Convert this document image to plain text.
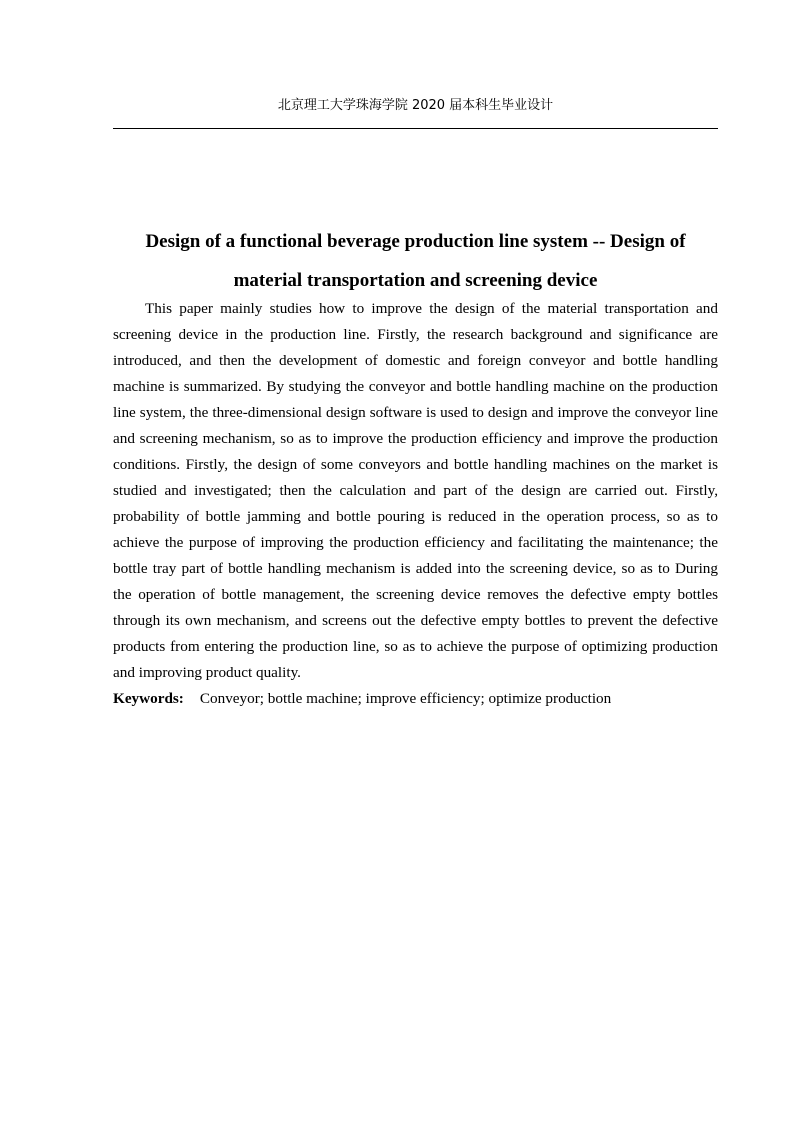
北京理工大学珠海学院 2020 届本科生毕业设计
Design of a functional beverage production line system -- Design of
material transportation and screening device

This paper mainly studies how to improve the design of the material transportation and screening device in the production line. Firstly, the research background and significance are introduced, and then the development of domestic and foreign conveyor and bottle handling machine is summarized. By studying the conveyor and bottle handling machine on the production line system, the three-dimensional design software is used to design and improve the conveyor line and screening mechanism, so as to improve the production efficiency and improve the production conditions. Firstly, the design of some conveyors and bottle handling machines on the market is studied and investigated; then the calculation and part of the design are carried out. Firstly, probability of bottle jamming and bottle pouring is reduced in the operation process, so as to achieve the purpose of improving the production efficiency and facilitating the maintenance; the bottle tray part of bottle handling mechanism is added into the screening device, so as to During the operation of bottle management, the screening device removes the defective empty bottles through its own mechanism, and screens out the defective empty bottles to prevent the defective products from entering the production line, so as to achieve the purpose of optimizing production and improving product quality.

Keywords: Conveyor; bottle machine; improve efficiency; optimize production
